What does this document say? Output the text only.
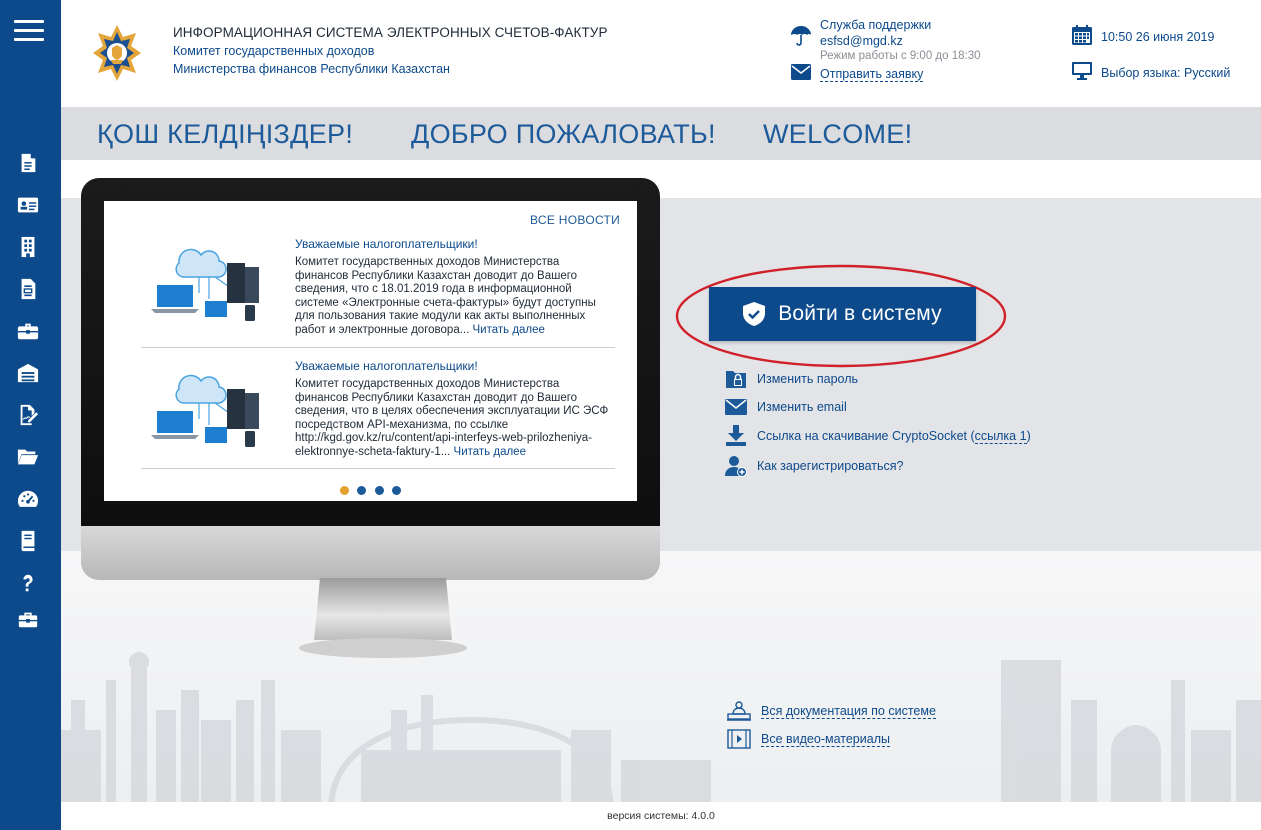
ИНФОРМАЦИОННАЯ СИСТЕМА ЭЛЕКТРОННЫХ СЧЕТОВ-ФАКТУР
Комитет государственных доходов
Министерства финансов Республики Казахстан
Служба поддержки
esfsd@mgd.kz
Режим работы с 9:00 до 18:30
Отправить заявку
10:50 26 июня 2019
Выбор языка: Русский
ҚОШ КЕЛДІҢІЗДЕР! ДОБРО ПОЖАЛОВАТЬ! WELCOME!
ВСЕ НОВОСТИ
Уважаемые налогоплательщики!
Комитет государственных доходов Министерства финансов Республики Казахстан доводит до Вашего сведения, что с 18.01.2019 года в информационной системе «Электронные счета-фактуры» будут доступны для пользования такие модули как акты выполненных работ и электронные договора... Читать далее
Уважаемые налогоплательщики!
Комитет государственных доходов Министерства финансов Республики Казахстан доводит до Вашего сведения, что в целях обеспечения эксплуатации ИС ЭСФ посредством API-механизма, по ссылке http://kgd.gov.kz/ru/content/api-interfeys-web-prilozheniya-elektronnye-scheta-faktury-1... Читать далее

Войти в систему
Изменить пароль
Изменить email
Ссылка на скачивание CryptoSocket ( ссылка 1 )
Как зарегистрироваться?
Вся документация по системе
Все видео-материалы
версия системы: 4.0.0
